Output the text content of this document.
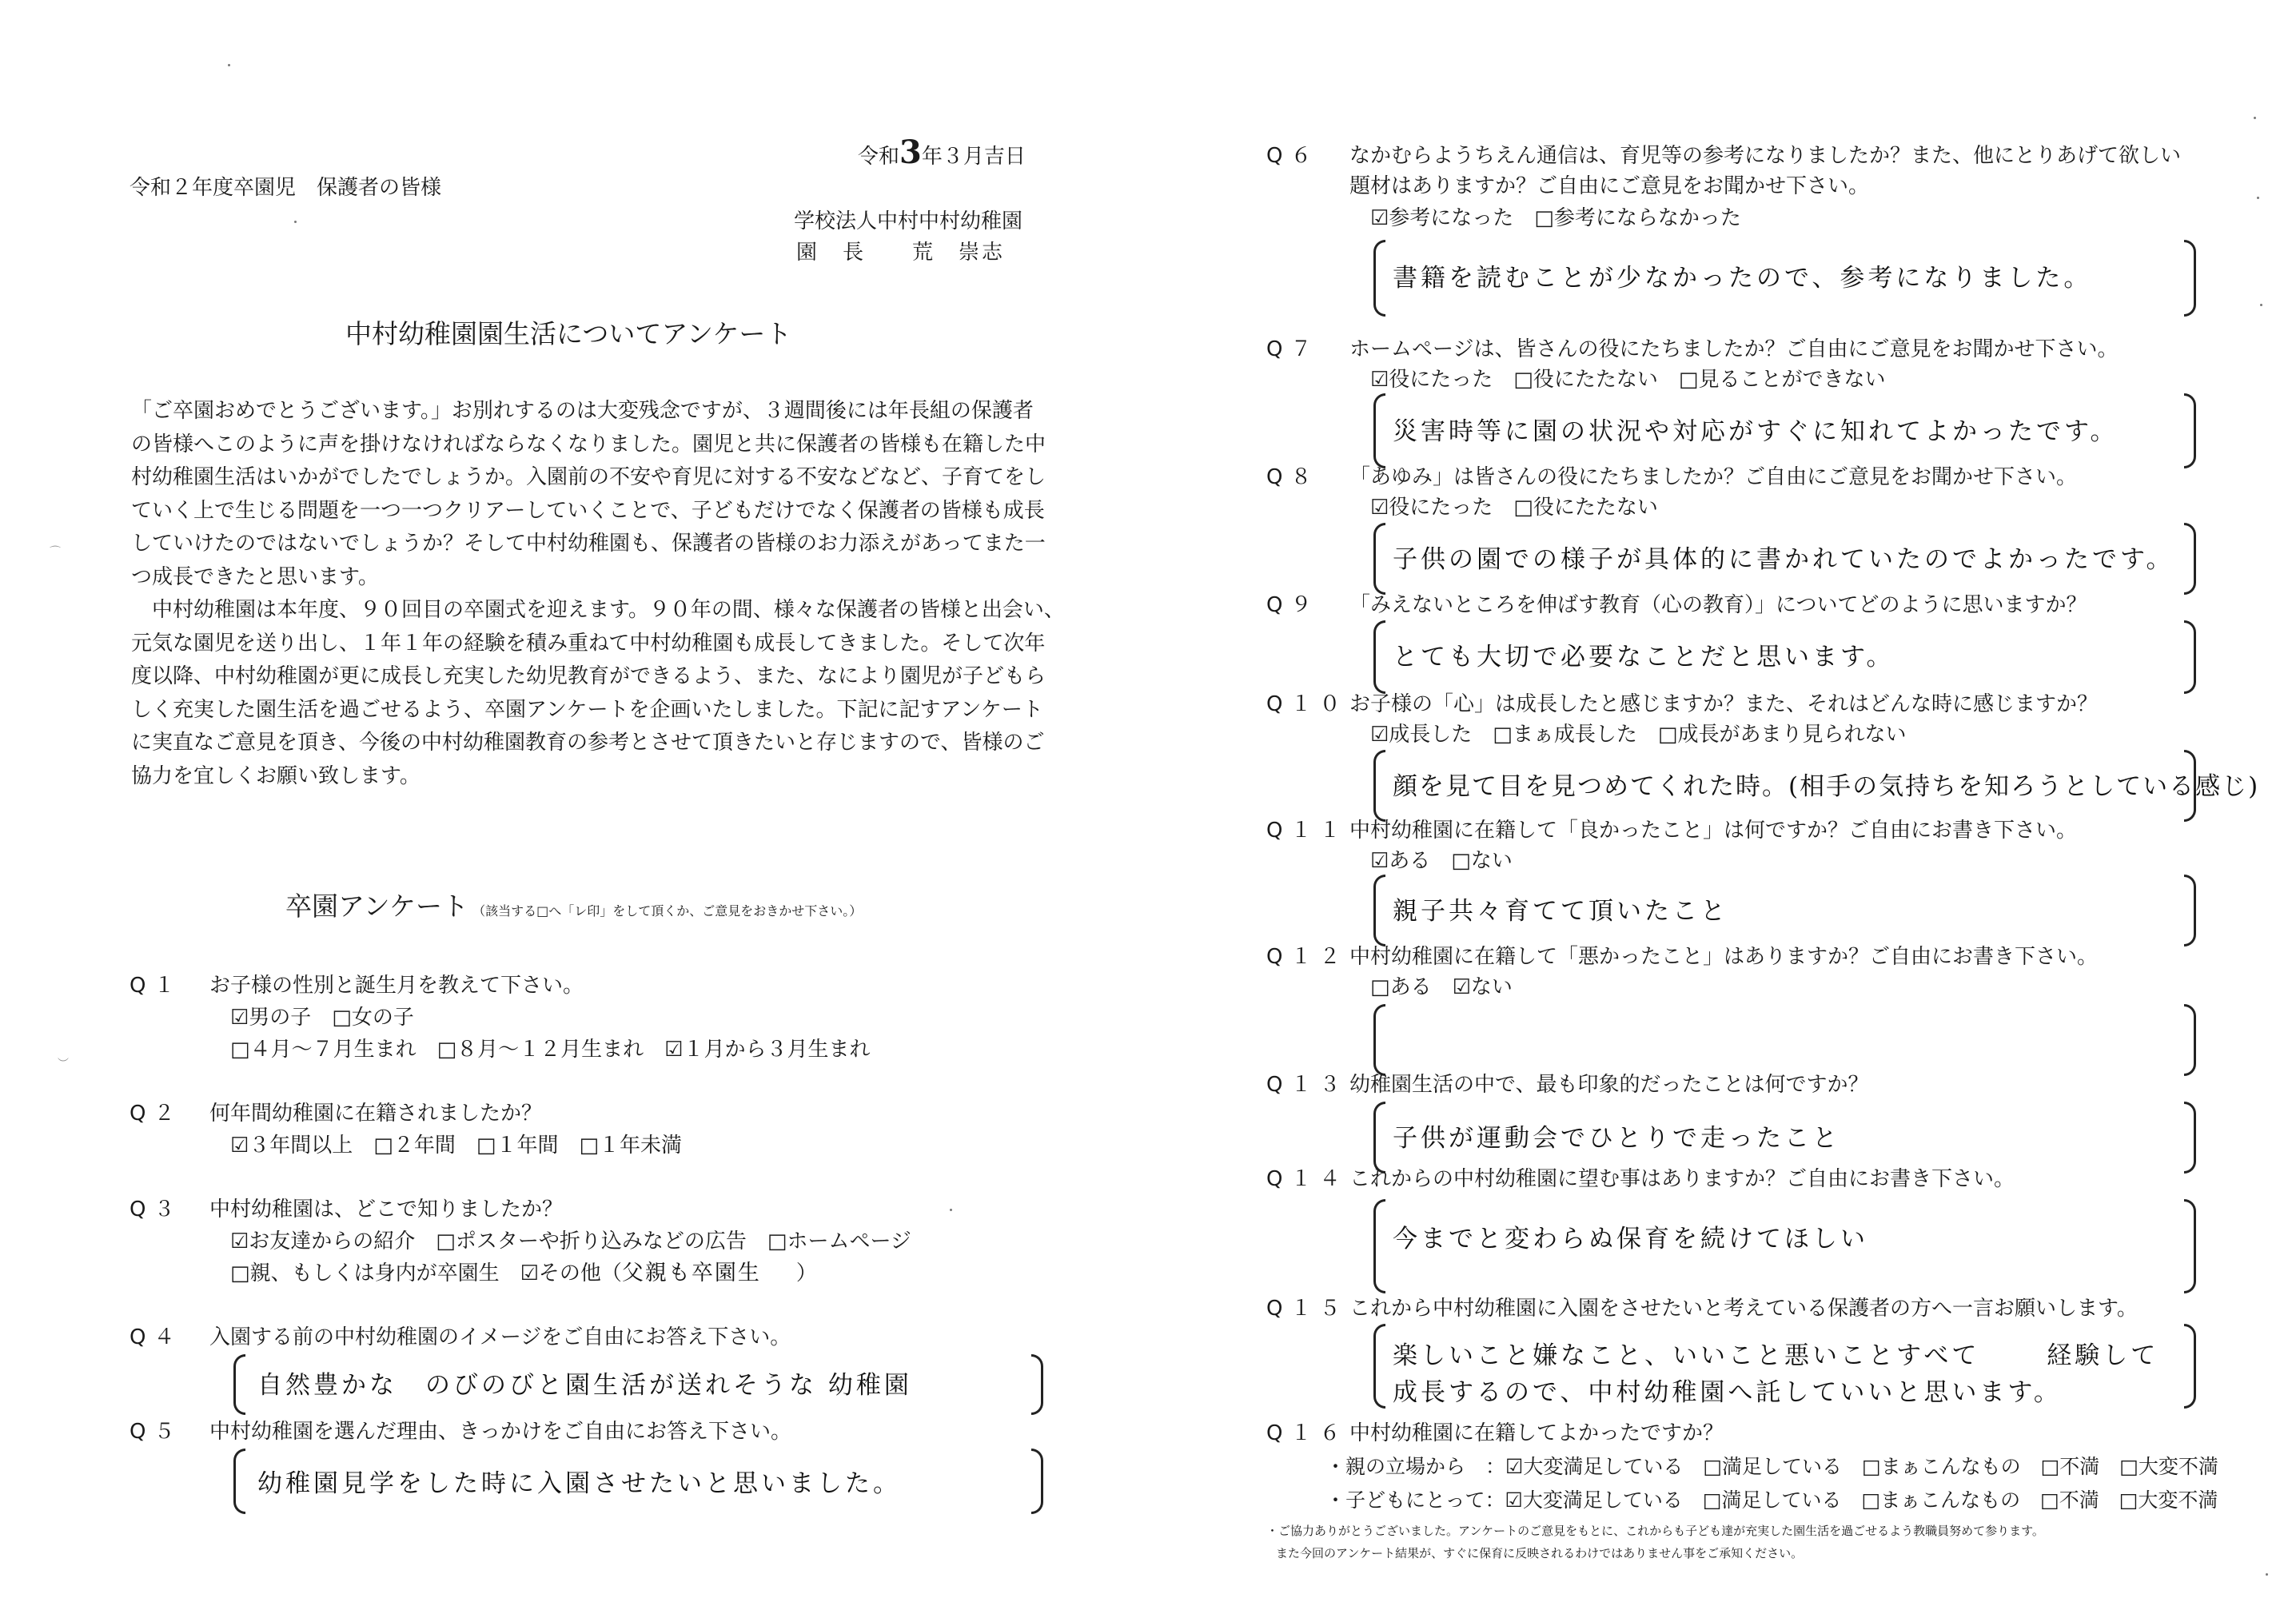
令和3年３月吉日
令和２年度卒園児　保護者の皆様
学校法人中村中村幼稚園
園　長　　荒　崇志
中村幼稚園園生活についてアンケート
「ご卒園おめでとうございます。」お別れするのは大変残念ですが、３週間後には年長組の保護者
の皆様へこのように声を掛けなければならなくなりました。園児と共に保護者の皆様も在籍した中
村幼稚園生活はいかがでしたでしょうか。入園前の不安や育児に対する不安などなど、子育てをし
ていく上で生じる問題を一つ一つクリアーしていくことで、子どもだけでなく保護者の皆様も成長
していけたのではないでしょうか？そして中村幼稚園も、保護者の皆様のお力添えがあってまた一
つ成長できたと思います。
　中村幼稚園は本年度、９０回目の卒園式を迎えます。９０年の間、様々な保護者の皆様と出会い、
元気な園児を送り出し、１年１年の経験を積み重ねて中村幼稚園も成長してきました。そして次年
度以降、中村幼稚園が更に成長し充実した幼児教育ができるよう、また、なにより園児が子どもら
しく充実した園生活を過ごせるよう、卒園アンケートを企画いたしました。下記に記すアンケート
に実直なご意見を頂き、今後の中村幼稚園教育の参考とさせて頂きたいと存じますので、皆様のご
協力を宜しくお願い致します。
卒園アンケート （該当する□へ「レ印」をして頂くか、ご意見をおきかせ下さい。）
Q１ お子様の性別と誕生月を教えて下さい。
☑男の子　□女の子
□４月～７月生まれ　□８月～１２月生まれ　☑１月から３月生まれ
Q２ 何年間幼稚園に在籍されましたか？
☑３年間以上　□２年間　□１年間　□１年未満
Q３ 中村幼稚園は、どこで知りましたか？
☑お友達からの紹介　□ポスターや折り込みなどの広告　□ホームページ
□親、もしくは身内が卒園生　☑その他（父親も卒園生 ）
Q４ 入園する前の中村幼稚園のイメージをご自由にお答え下さい。
自然豊かな　のびのびと園生活が送れそうな 幼稚園
Q５ 中村幼稚園を選んだ理由、きっかけをご自由にお答え下さい。
幼稚園見学をした時に入園させたいと思いました。
⌒
︶
Q６ なかむらようちえん通信は、育児等の参考になりましたか？また、他にとりあげて欲しい
題材はありますか？ご自由にご意見をお聞かせ下さい。
☑参考になった　□参考にならなかった
書籍を読むことが少なかったので、参考になりました。
Q７ ホームページは、皆さんの役にたちましたか？ご自由にご意見をお聞かせ下さい。
☑役にたった　□役にたたない　□見ることができない
災害時等に園の状況や対応がすぐに知れてよかったです。
Q８ 「あゆみ」は皆さんの役にたちましたか？ご自由にご意見をお聞かせ下さい。
☑役にたった　□役にたたない
子供の園での様子が具体的に書かれていたのでよかったです。
Q９ 「みえないところを伸ばす教育（心の教育）」についてどのように思いますか？
とても大切で必要なことだと思います。
Q１０ お子様の「心」は成長したと感じますか？また、それはどんな時に感じますか？
☑成長した　□まぁ成長した　□成長があまり見られない
顔を見て目を見つめてくれた時。(相手の気持ちを知ろうとしている感じ)
Q１１ 中村幼稚園に在籍して「良かったこと」は何ですか？ご自由にお書き下さい。
☑ある　□ない
親子共々育てて頂いたこと
Q１２ 中村幼稚園に在籍して「悪かったこと」はありますか？ご自由にお書き下さい。
□ある　☑ない
Q１３ 幼稚園生活の中で、最も印象的だったことは何ですか？
子供が運動会でひとりで走ったこと
Q１４ これからの中村幼稚園に望む事はありますか？ご自由にお書き下さい。
今までと変わらぬ保育を続けてほしい
Q１５ これから中村幼稚園に入園をさせたいと考えている保護者の方へ一言お願いします。
楽しいこと嫌なこと、いいこと悪いことすべて　　 経験して
成長するので、中村幼稚園へ託していいと思います。
Q１６ 中村幼稚園に在籍してよかったですか？
・親の立場から　：☑大変満足している　□満足している　□まぁこんなもの　□不満　□大変不満
・子どもにとって：☑大変満足している　□満足している　□まぁこんなもの　□不満　□大変不満
・ご協力ありがとうございました。アンケートのご意見をもとに、これからも子ども達が充実した園生活を過ごせるよう教職員努めて参ります。
また今回のアンケート結果が、すぐに保育に反映されるわけではありません事をご承知ください。
